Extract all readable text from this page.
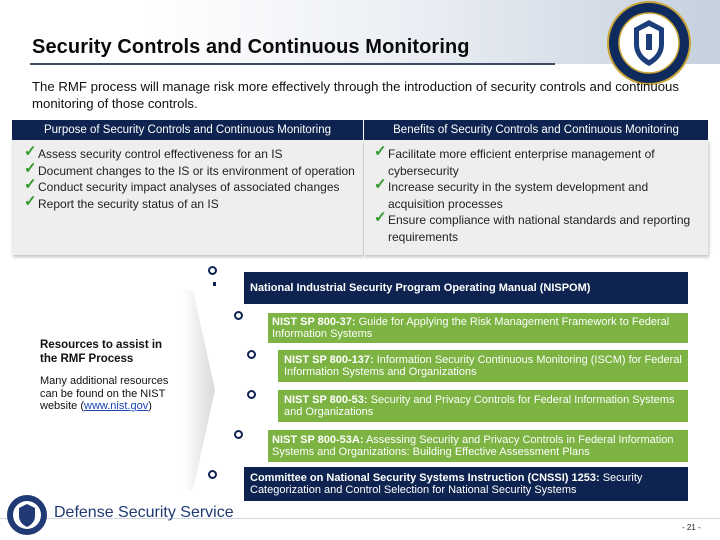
Security Controls and Continuous Monitoring
The RMF process will manage risk more effectively through the introduction of security controls and continuous monitoring of those controls.
Purpose of Security Controls and Continuous Monitoring
✓ Assess security control effectiveness for an IS
✓ Document changes to the IS or its environment of operation
✓ Conduct security impact analyses of associated changes
✓ Report the security status of an IS
Benefits of Security Controls and Continuous Monitoring
✓ Facilitate more efficient enterprise management of cybersecurity
✓ Increase security in the system development and acquisition processes
✓ Ensure compliance with national standards and reporting requirements
Resources to assist in the RMF Process
Many additional resources can be found on the NIST website (www.nist.gov)
National Industrial Security Program Operating Manual (NISPOM)
NIST SP 800-37: Guide for Applying the Risk Management Framework to Federal Information Systems
NIST SP 800-137: Information Security Continuous Monitoring (ISCM) for Federal Information Systems and Organizations
NIST SP 800-53: Security and Privacy Controls for Federal Information Systems and Organizations
NIST SP 800-53A: Assessing Security and Privacy Controls in Federal Information Systems and Organizations: Building Effective Assessment Plans
Committee on National Security Systems Instruction (CNSSI) 1253: Security Categorization and Control Selection for National Security Systems
Defense Security Service
- 21 -
